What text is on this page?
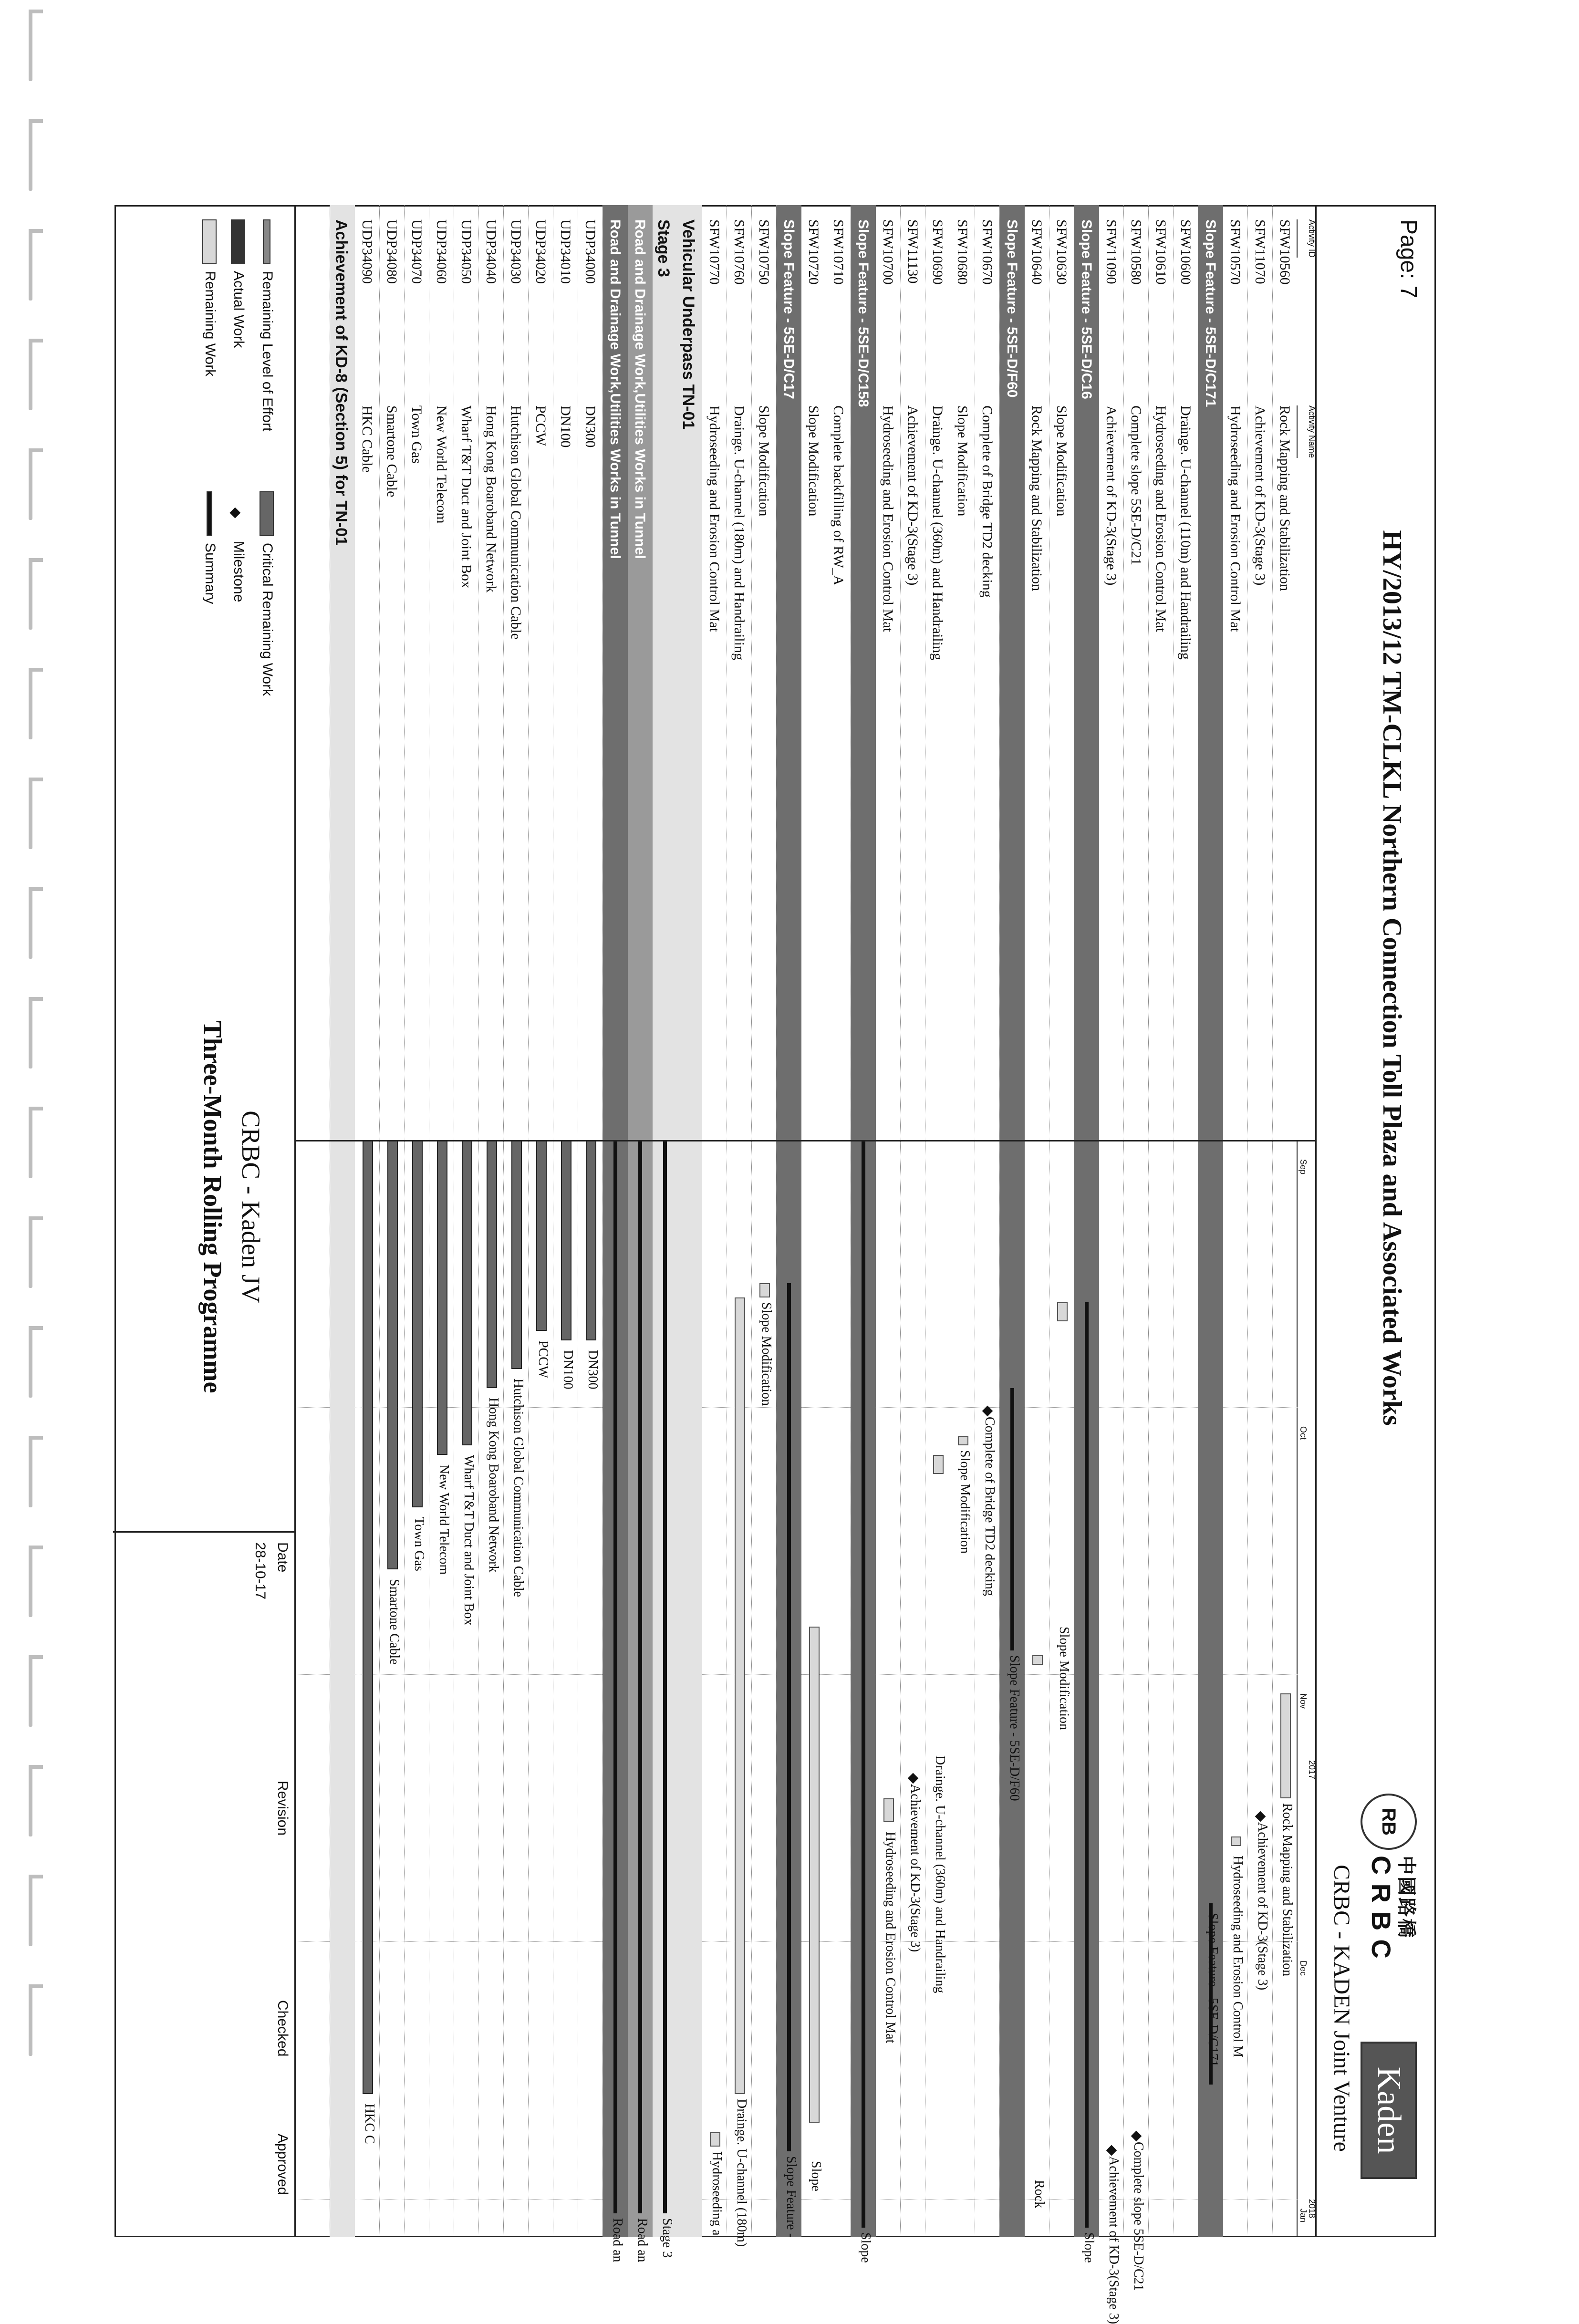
Page: 7
HY/2013/12 TM-CLKL Northern Connection Toll Plaza and Associated Works
RB
中國路橋
CRBC
Kaden
CRBC - KADEN Joint Venture
Activity ID
Activity Name
2017
2018
Sep
Oct
Nov
Dec
Jan
SFW10560
Rock Mapping and Stabilization
Rock Mapping and Stabilization
SFW11070
Achievement of KD-3(Stage 3)
Achievement of KD-3(Stage 3)
SFW10570
Hydroseeding and Erosion Control Mat
Hydroseeding and Erosion Control M
Slope Feature - 5SE-D/C171
Slope Feature - 5SE-D/C171
SFW10600
Drainge. U-channel (110m) and Handrailing
SFW10610
Hydroseeding and Erosion Control Mat
SFW10580
Complete slope 5SE-D/C21
Complete slope 5SE-D/C21
SFW11090
Achievement of KD-3(Stage 3)
Achievement of KD-3(Stage 3)
Slope Feature - 5SE-D/C16
Slope
SFW10630
Slope Modification
Slope Modification
SFW10640
Rock Mapping and Stabilization
Rock
Slope Feature - 5SE-D/F60
Slope Feature - 5SE-D/F60
SFW10670
Complete of Bridge TD2 decking
Complete of Bridge TD2 decking
SFW10680
Slope Modification
Slope Modification
SFW10690
Drainge. U-channel (360m) and Handrailing
Drainge. U-channel (360m) and Handrailing
SFW11130
Achievement of KD-3(Stage 3)
Achievement of KD-3(Stage 3)
SFW10700
Hydroseeding and Erosion Control Mat
Hydroseeding and Erosion Control Mat
Slope Feature - 5SE-D/C158
Slope
SFW10710
Complete backfilling of RW_A
SFW10720
Slope Modification
Slope
Slope Feature - 5SE-D/C17
Slope Feature -
SFW10750
Slope Modification
Slope Modification
SFW10760
Drainge. U-channel (180m) and Handrailing
Drainge. U-channel (180m)
SFW10770
Hydroseeding and Erosion Control Mat
Hydroseeding a
Vehicular Underpass TN-01
Stage 3
Stage 3
Road and Drainage Work,Utilities Works in Tunnel
Road an
Road and Drainage Work,Utilities Works in Tunnel
Road an
UDP34000
DN300
DN300
UDP34010
DN100
DN100
UDP34020
PCCW
PCCW
UDP34030
Hutchison Global Communication Cable
Hutchison Global Communication Cable
UDP34040
Hong Kong Boaroband Network
Hong Kong Boaroband Network
UDP34050
Wharf T&T Duct and Joint Box
Wharf T&T Duct and Joint Box
UDP34060
New World Telecom
New World Telecom
UDP34070
Town Gas
Town Gas
UDP34080
Smartone Cable
Smartone Cable
UDP34090
HKC Cable
HKC C
Achievement of KD-8 (Section 5) for TN-01
Remaining Level of Effort
Actual Work
Remaining Work
Critical Remaining Work
◆Milestone
Summary
CRBC - Kaden JV
Three-Month Rolling Programme
Date
28-10-17
Revision
Checked
Approved
